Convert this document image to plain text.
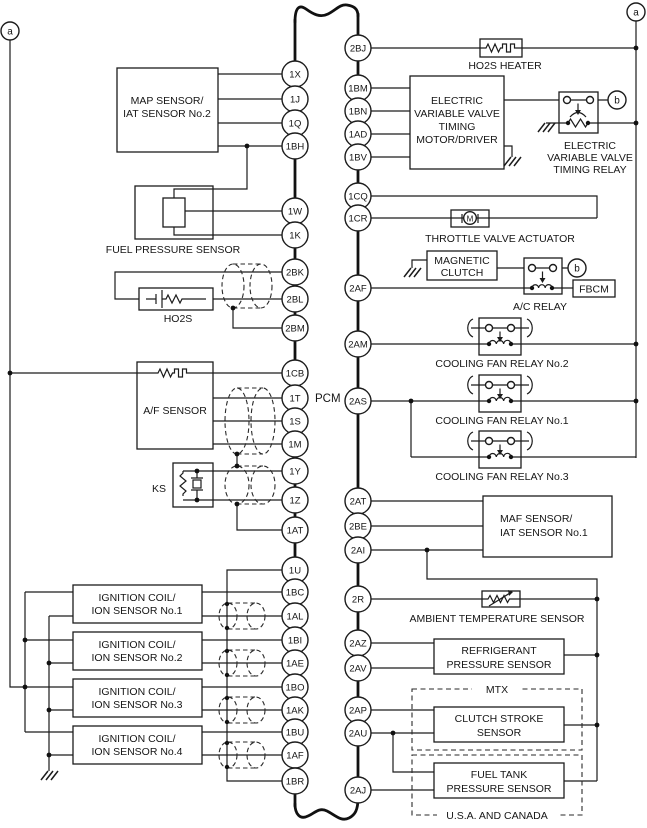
M
1X
1J
1Q
1BH
1W
1K
2BK
2BL
2BM
1CB
1T
1S
1M
1Y
1Z
1AT
1U
1BC
1AL
1BI
1AE
1BO
1AK
1BU
1AF
1BR
2BJ
1BM
1BN
1AD
1BV
1CQ
1CR
2AF
2AM
2AS
2AT
2BE
2AI
2R
2AZ
2AV
2AP
2AU
2AJ
a
a
b
b
PCM
MAP SENSOR/
IAT SENSOR No.2
FUEL PRESSURE SENSOR
HO2S
A/F SENSOR
KS
IGNITION COIL/
ION SENSOR No.1
IGNITION COIL/
ION SENSOR No.2
IGNITION COIL/
ION SENSOR No.3
IGNITION COIL/
ION SENSOR No.4
HO2S HEATER
ELECTRIC
VARIABLE VALVE
TIMING
MOTOR/DRIVER	ELECTRIC
VARIABLE VALVE
TIMING RELAY
THROTTLE VALVE ACTUATOR
MAGNETIC
CLUTCH
A/C RELAY
FBCM
COOLING FAN RELAY No.2
COOLING FAN RELAY No.1
COOLING FAN RELAY No.3
MAF SENSOR/
IAT SENSOR No.1
AMBIENT TEMPERATURE SENSOR
REFRIGERANT
PRESSURE SENSOR
MTX
CLUTCH STROKE
SENSOR
FUEL TANK
PRESSURE SENSOR
U.S.A. AND CANADA
